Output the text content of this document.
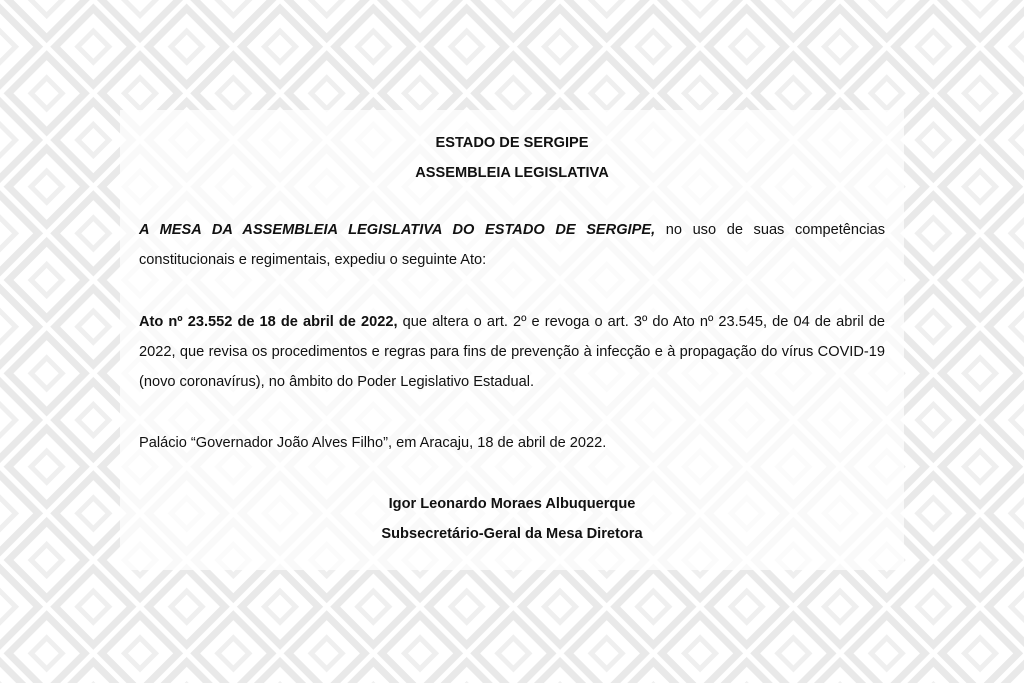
ESTADO DE SERGIPE
ASSEMBLEIA LEGISLATIVA
A MESA DA ASSEMBLEIA LEGISLATIVA DO ESTADO DE SERGIPE, no uso de suas competências constitucionais e regimentais, expediu o seguinte Ato:
Ato nº 23.552 de 18 de abril de 2022, que altera o art. 2º e revoga o art. 3º do Ato nº 23.545, de 04 de abril de 2022, que revisa os procedimentos e regras para fins de prevenção à infecção e à propagação do vírus COVID-19 (novo coronavírus), no âmbito do Poder Legislativo Estadual.
Palácio “Governador João Alves Filho”, em Aracaju, 18 de abril de 2022.
Igor Leonardo Moraes Albuquerque
Subsecretário-Geral da Mesa Diretora
